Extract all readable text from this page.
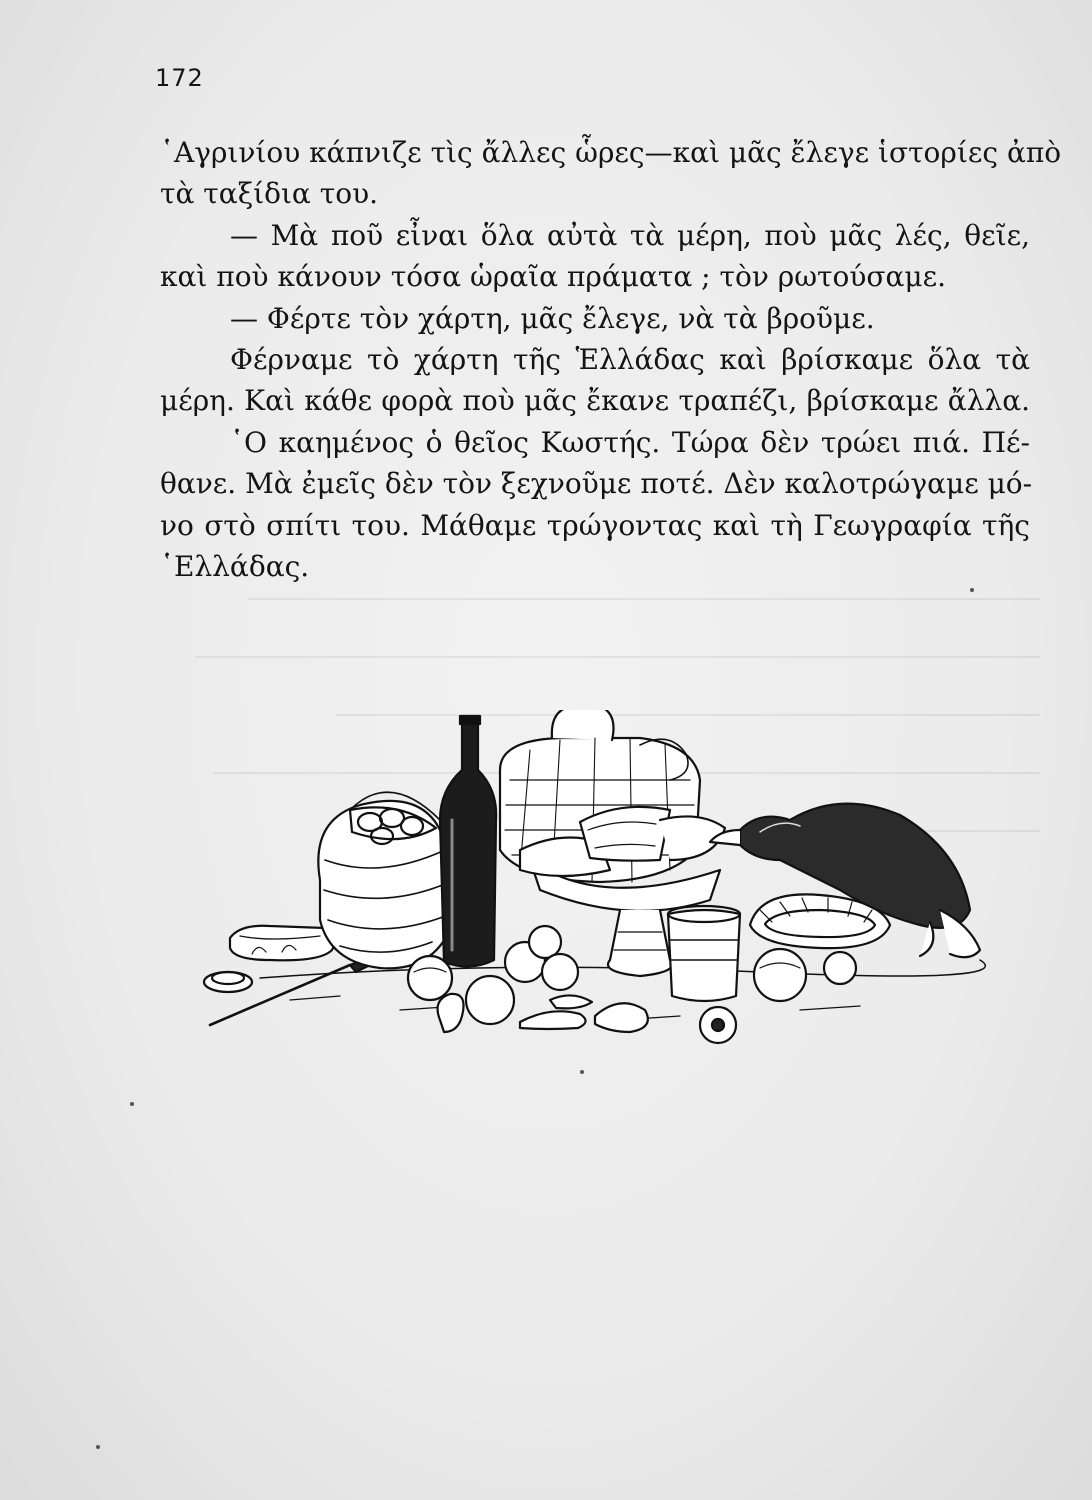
172
῾Αγρινίου κάπνιζε τὶς ἄλλες ὧρες—καὶ μᾶς ἔλεγε ἱστορίες ἀπὸ
τὰ ταξίδια του.
— Μὰ ποῦ εἶναι ὅλα αὐτὰ τὰ μέρη, ποὺ μᾶς λές, θεῖε,
καὶ ποὺ κάνουν τόσα ὡραῖα πράματα ; τὸν ρωτούσαμε.
— Φέρτε τὸν χάρτη, μᾶς ἔλεγε, νὰ τὰ βροῦμε.
Φέρναμε τὸ χάρτη τῆς Ἑλλάδας καὶ βρίσκαμε ὅλα τὰ
μέρη. Καὶ κάθε φορὰ ποὺ μᾶς ἔκανε τραπέζι, βρίσκαμε ἄλλα.
῾Ο καημένος ὁ θεῖος Κωστής. Τώρα δὲν τρώει πιά. Πέ-
θανε. Μὰ ἐμεῖς δὲν τὸν ξεχνοῦμε ποτέ. Δὲν καλοτρώγαμε μό-
νο στὸ σπίτι του. Μάθαμε τρώγοντας καὶ τὴ Γεωγραφία τῆς
῾Ελλάδας.
